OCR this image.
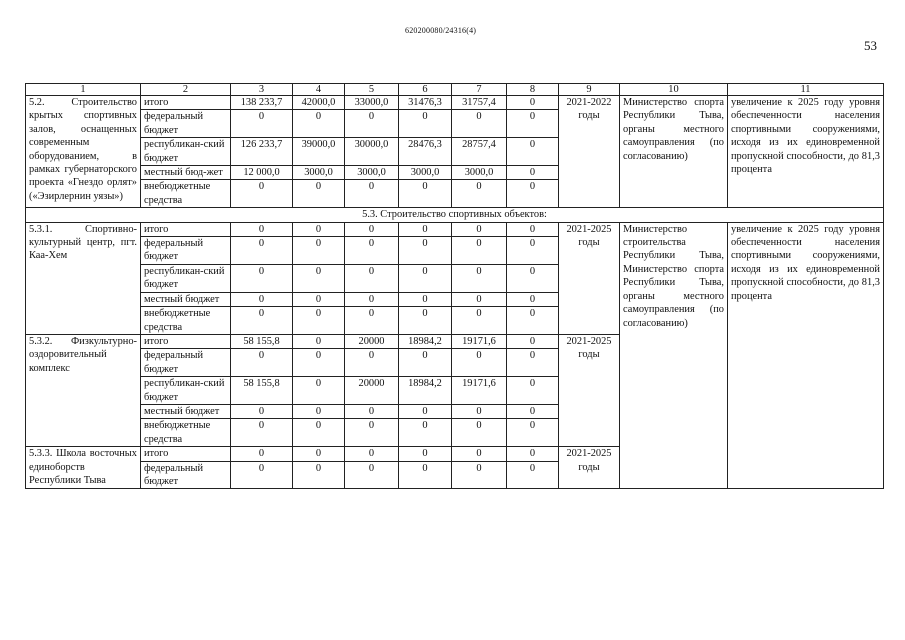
620200080/24316(4)
53
1	2	3	4	5	6	7	8	9	10	11
5.2. Строительство крытых спортивных залов, оснащенных современным оборудованием, в рамках губернаторского проекта «Гнездо орлят» («Эзирлернин уязы»)	итого	138 233,7	42000,0	33000,0	31476,3	31757,4	0	2021-2022 годы	Министерство спорта Республики Тыва, органы местного самоуправления (по согласованию)	увеличение к 2025 году уровня обеспеченности населения спортивными сооружениями, исходя из их единовременной пропускной способности, до 81,3 процента
	федеральный бюджет	0	0	0	0	0	0			
	республикан-ский бюджет	126 233,7	39000,0	30000,0	28476,3	28757,4	0			
	местный бюд-жет	12 000,0	3000,0	3000,0	3000,0	3000,0	0			
	внебюджетные средства	0	0	0	0	0	0			
5.3. Строительство спортивных объектов:										
5.3.1. Спортивно-культурный центр, пгт. Каа-Хем	итого	0	0	0	0	0	0	2021-2025 годы	Министерство строительства Республики Тыва, Министерство спорта Республики Тыва, органы местного самоуправления (по согласованию)	увеличение к 2025 году уровня обеспеченности населения спортивными сооружениями, исходя из их единовременной пропускной способности, до 81,3 процента
	федеральный бюджет	0	0	0	0	0	0			
	республикан-ский бюджет	0	0	0	0	0	0			
	местный бюджет	0	0	0	0	0	0			
	внебюджетные средства	0	0	0	0	0	0			
5.3.2. Физкультурно-оздоровительный комплекс	итого	58 155,8	0	20000	18984,2	19171,6	0	2021-2025 годы		
	федеральный бюджет	0	0	0	0	0	0			
	республикан-ский бюджет	58 155,8	0	20000	18984,2	19171,6	0			
	местный бюджет	0	0	0	0	0	0			
	внебюджетные средства	0	0	0	0	0	0			
5.3.3. Школа восточных единоборств Республики Тыва	итого	0	0	0	0	0	0	2021-2025 годы		
	федеральный бюджет	0	0	0	0	0	0			
